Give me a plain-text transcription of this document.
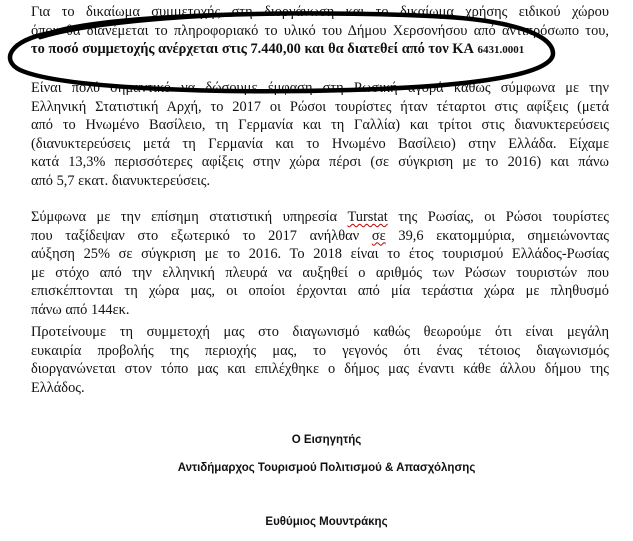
Για το δικαίωμα συμμετοχής στη διοργάνωση και το δικαίωμα χρήσης ειδικού χώρου
όπου θα διανέμεται το πληροφοριακό το υλικό του Δήμου Χερσονήσου από αντιπρόσωπο του,
το ποσό συμμετοχής ανέρχεται στις 7.440,00 και θα διατεθεί από τον ΚΑ 6431.0001

Είναι πολύ σημαντικό να δώσουμε έμφαση στη Ρωσική αγορά καθώς σύμφωνα με την
Ελληνική Στατιστική Αρχή, το 2017 οι Ρώσοι τουρίστες ήταν τέταρτοι στις αφίξεις (μετά
από το Ηνωμένο Βασίλειο, τη Γερμανία και τη Γαλλία) και τρίτοι στις διανυκτερεύσεις
(διανυκτερεύσεις μετά τη Γερμανία και το Ηνωμένο Βασίλειο) στην Ελλάδα. Είχαμε
κατά 13,3% περισσότερες αφίξεις στην χώρα πέρσι (σε σύγκριση με το 2016) και πάνω
από 5,7 εκατ. διανυκτερεύσεις.

Σύμφωνα με την επίσημη στατιστική υπηρεσία Turstat της Ρωσίας, οι Ρώσοι τουρίστες
που ταξίδεψαν στο εξωτερικό το 2017 ανήλθαν σε 39,6 εκατομμύρια, σημειώνοντας
αύξηση 25% σε σύγκριση με το 2016. Το 2018 είναι το έτος τουρισμού Ελλάδος-Ρωσίας
με στόχο από την ελληνική πλευρά να αυξηθεί ο αριθμός των Ρώσων τουριστών που
επισκέπτονται τη χώρα μας, οι οποίοι έρχονται από μία τεράστια χώρα με πληθυσμό
πάνω από 144εκ.

Προτείνουμε τη συμμετοχή μας στο διαγωνισμό καθώς θεωρούμε ότι είναι μεγάλη
ευκαιρία προβολής της περιοχής μας, το γεγονός ότι ένας τέτοιος διαγωνισμός
διοργανώνεται στον τόπο μας και επιλέχθηκε ο δήμος μας έναντι κάθε άλλου δήμου της
Ελλάδος.

Ο Εισηγητής

Αντιδήμαρχος Τουρισμού Πολιτισμού & Απασχόλησης

Ευθύμιος Μουντράκης
